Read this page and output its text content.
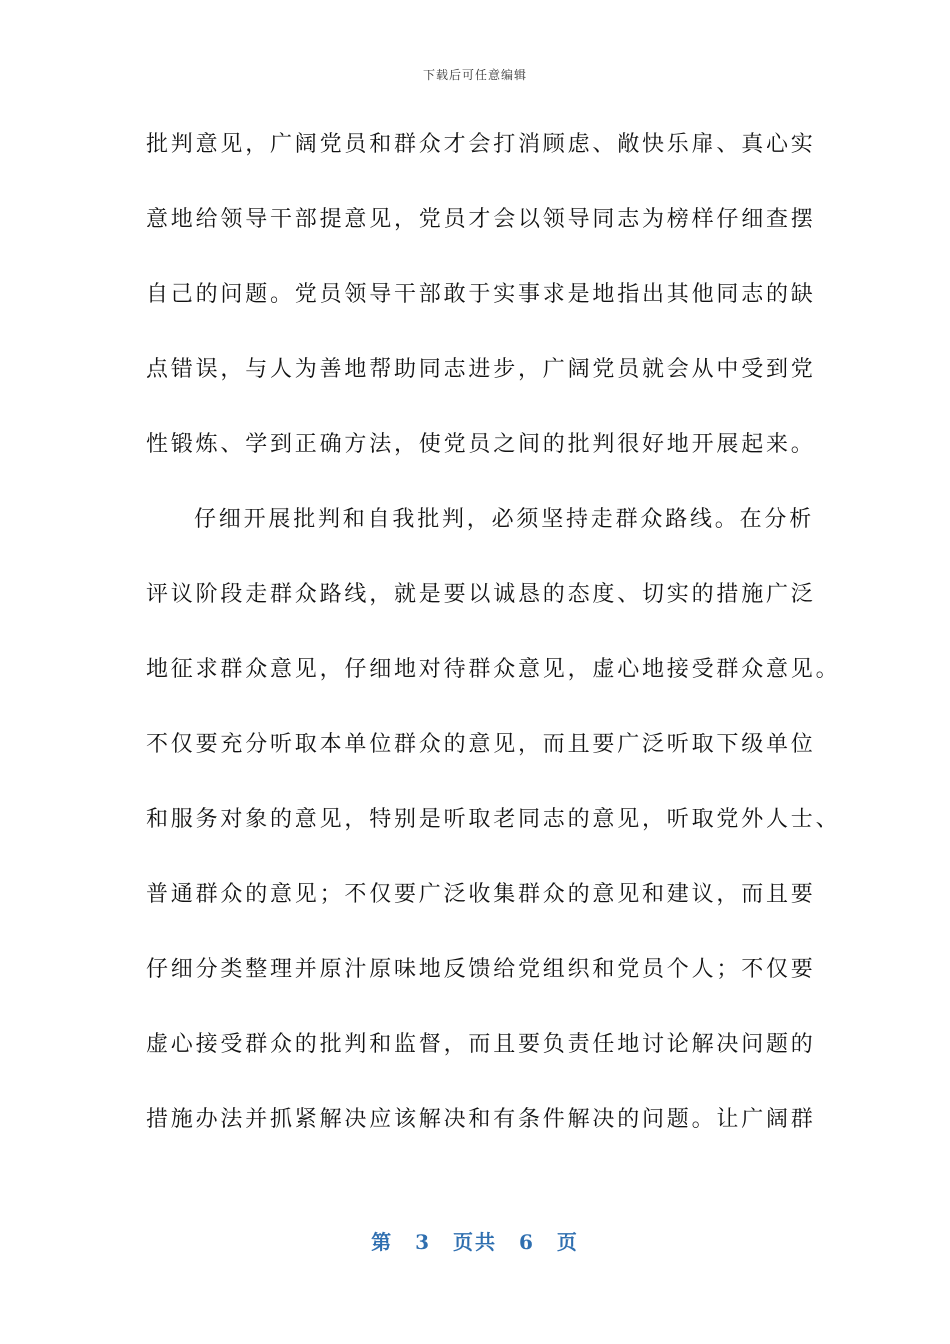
下载后可任意编辑
批判意见，广阔党员和群众才会打消顾虑、敞快乐扉、真心实
意地给领导干部提意见，党员才会以领导同志为榜样仔细查摆
自己的问题。党员领导干部敢于实事求是地指出其他同志的缺
点错误，与人为善地帮助同志进步，广阔党员就会从中受到党
性锻炼、学到正确方法，使党员之间的批判很好地开展起来。
仔细开展批判和自我批判，必须坚持走群众路线。在分析
评议阶段走群众路线，就是要以诚恳的态度、切实的措施广泛
地征求群众意见，仔细地对待群众意见，虚心地接受群众意见。
不仅要充分听取本单位群众的意见，而且要广泛听取下级单位
和服务对象的意见，特别是听取老同志的意见，听取党外人士、
普通群众的意见；不仅要广泛收集群众的意见和建议，而且要
仔细分类整理并原汁原味地反馈给党组织和党员个人；不仅要
虚心接受群众的批判和监督，而且要负责任地讨论解决问题的
措施办法并抓紧解决应该解决和有条件解决的问题。让广阔群
第 3 页共 6 页
